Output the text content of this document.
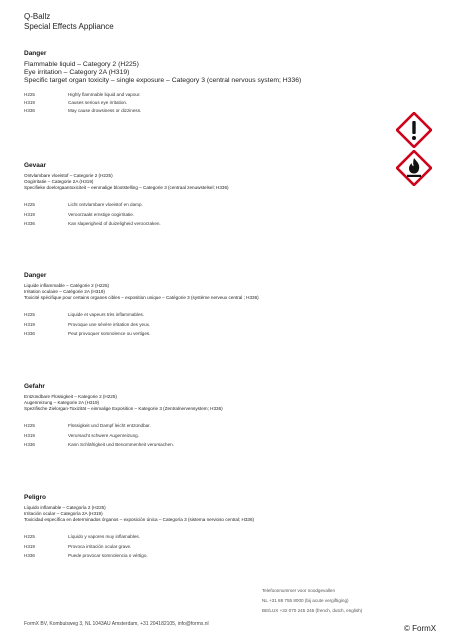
Q-Ballz
Special Effects Appliance
Danger
Flammable liquid – Category 2 (H225)
Eye irritation – Category 2A (H319)
Specific target organ toxicity – single exposure – Category 3 (central nervous system; H336)
H225	Highly flammable liquid and vapour.
H319	Causes serious eye irritation.
H336	May cause drowsiness or dizziness.
Gevaar
Ontvlambare vloeistof – Categorie 2 (H225)
Oogirritatie – Categorie 2A (H319)
Specifieke doelorgaantoxiciteit – eenmalige blootstelling – Categorie 3 (centraal zenuwstelsel; H336)
H225	Licht ontvlambare vloeistof en damp.
H319	Veroorzaakt ernstige oogirritatie.
H336	Kan slaperigheid of duizeligheid veroorzaken.
Danger
Liquide inflammable – Catégorie 2 (H225)
Irritation oculaire – Catégorie 2A (H319)
Toxicité spécifique pour certains organes cibles – exposition unique – Catégorie 3 (système nerveux central ; H336)
H225	Liquide et vapeurs très inflammables.
H319	Provoque une sévère irritation des yeux.
H336	Peut provoquer somnolence ou vertiges.
Gefahr
Entzündbare Flüssigkeit – Kategorie 2 (H225)
Augenreizung – Kategorie 2A (H319)
Spezifische Zielorgan-Toxizität – einmalige Exposition – Kategorie 3 (Zentralnervensystem; H336)
H225	Flüssigkeit und Dampf leicht entzündbar.
H319	Verursacht schwere Augenreizung.
H336	Kann Schläfrigkeit und Benommenheit verursachen.
Peligro
Líquido inflamable – Categoría 2 (H225)
Irritación ocular – Categoría 2A (H319)
Toxicidad específica en determinados órganos – exposición única – Categoría 3 (sistema nervioso central; H336)
H225	Líquido y vapores muy inflamables.
H319	Provoca irritación ocular grave.
H336	Puede provocar somnolencia o vértigo.
Telefoonnummer voor noodgevallen
NL +31 88 755 8000 (bij acute vergiftiging)
BE/LUX +32 070 245 245 (french, dutch, english)
FormX BV, Kombuisweg 3, NL 1043AU Amsterdam, +31 204182105, info@formx.nl	© FormX
